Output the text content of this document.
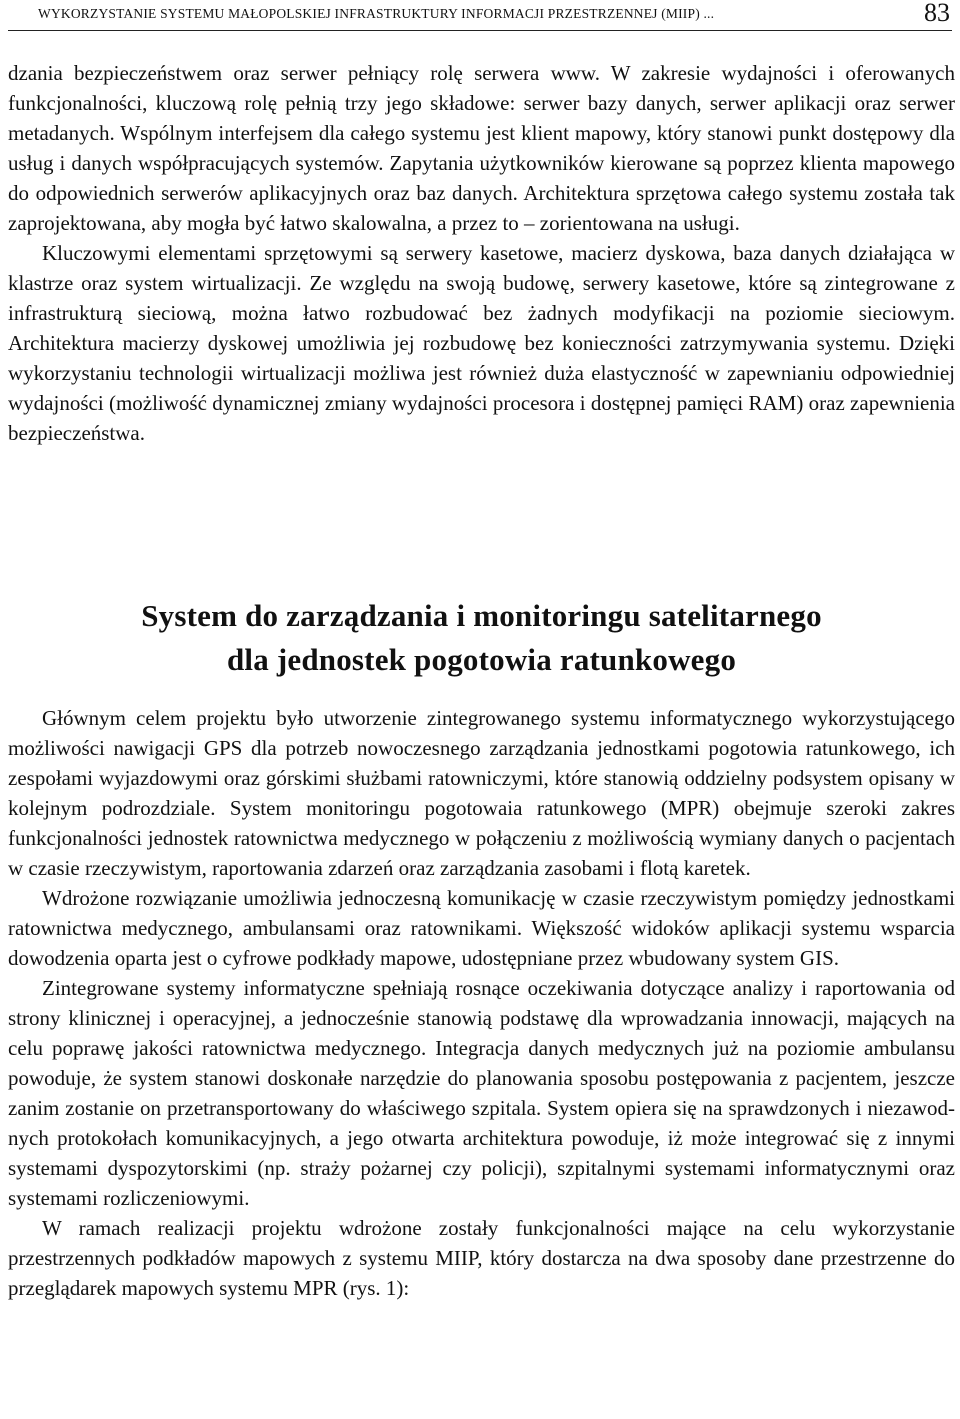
WYKORZYSTANIE SYSTEMU MAŁOPOLSKIEJ INFRASTRUKTURY INFORMACJI PRZESTRZENNEJ (MIIP) ...	83

dzania bezpieczeństwem oraz serwer pełniący rolę serwera www. W zakresie wydajności i oferowanych funkcjonalności, kluczową rolę pełnią trzy jego składowe: serwer bazy danych, serwer aplikacji oraz serwer metadanych. Wspólnym interfejsem dla całego systemu jest klient mapowy, który stanowi punkt dostępowy dla usług i danych współpracujących systemów. Zapytania użytkowników kierowane są poprzez klienta mapowego do odpowiednich serwerów aplikacyjnych oraz baz danych. Architektura sprzętowa całego systemu została tak zaprojektowana, aby mogła być łatwo skalowalna, a przez to – zorientowana na usługi.

Kluczowymi elementami sprzętowymi są serwery kasetowe, macierz dyskowa, baza danych działająca w klastrze oraz system wirtualizacji. Ze względu na swoją budowę, serwery kasetowe, które są zintegrowane z infrastrukturą sieciową, można łatwo rozbudować bez żadnych modyfikacji na poziomie sieciowym. Architektura macierzy dyskowej umożliwia jej rozbudowę bez konieczności zatrzymywania systemu. Dzięki wykorzystaniu technologii wirtualizacji możliwa jest również duża elastyczność w zapewnianiu odpowiedniej wydajności (możliwość dynamicznej zmiany wydajności procesora i dostępnej pamięci RAM) oraz zapewnienia bezpieczeństwa.

System do zarządzania i monitoringu satelitarnego
dla jednostek pogotowia ratunkowego

Głównym celem projektu było utworzenie zintegrowanego systemu informatycznego wykorzystującego możliwości nawigacji GPS dla potrzeb nowoczesnego zarządzania jednostkami pogotowia ratunkowego, ich zespołami wyjazdowymi oraz górskimi służbami ratowniczymi, które stanowią oddzielny podsystem opisany w kolejnym podrozdziale. System monitoringu pogotowaia ratunkowego (MPR) obejmuje szeroki zakres funkcjonalności jednostek ratownictwa medycznego w połączeniu z możliwością wymiany danych o pacjentach w czasie rzeczywistym, raportowania zdarzeń oraz zarządzania zasobami i flotą karetek.

Wdrożone rozwiązanie umożliwia jednoczesną komunikację w czasie rzeczywistym pomiędzy jednostkami ratownictwa medycznego, ambulansami oraz ratownikami. Większość widoków aplikacji systemu wsparcia dowodzenia oparta jest o cyfrowe podkłady mapowe, udostępniane przez wbudowany system GIS.

Zintegrowane systemy informatyczne spełniają rosnące oczekiwania dotyczące analizy i raportowania od strony klinicznej i operacyjnej, a jednocześnie stanowią podstawę dla wprowadzania innowacji, mających na celu poprawę jakości ratownictwa medycznego. Integracja danych medycznych już na poziomie ambulansu powoduje, że system stanowi doskonałe narzędzie do planowania sposobu postępowania z pacjentem, jeszcze zanim zostanie on przetransportowany do właściwego szpitala. System opiera się na sprawdzonych i niezawodnych protokołach komunikacyjnych, a jego otwarta architektura powoduje, iż może integrować się z innymi systemami dyspozytorskimi (np. straży pożarnej czy policji), szpitalnymi systemami informatycznymi oraz systemami rozliczeniowymi.

W ramach realizacji projektu wdrożone zostały funkcjonalności mające na celu wykorzystanie przestrzennych podkładów mapowych z systemu MIIP, który dostarcza na dwa sposoby dane przestrzenne do przeglądarek mapowych systemu MPR (rys. 1):
